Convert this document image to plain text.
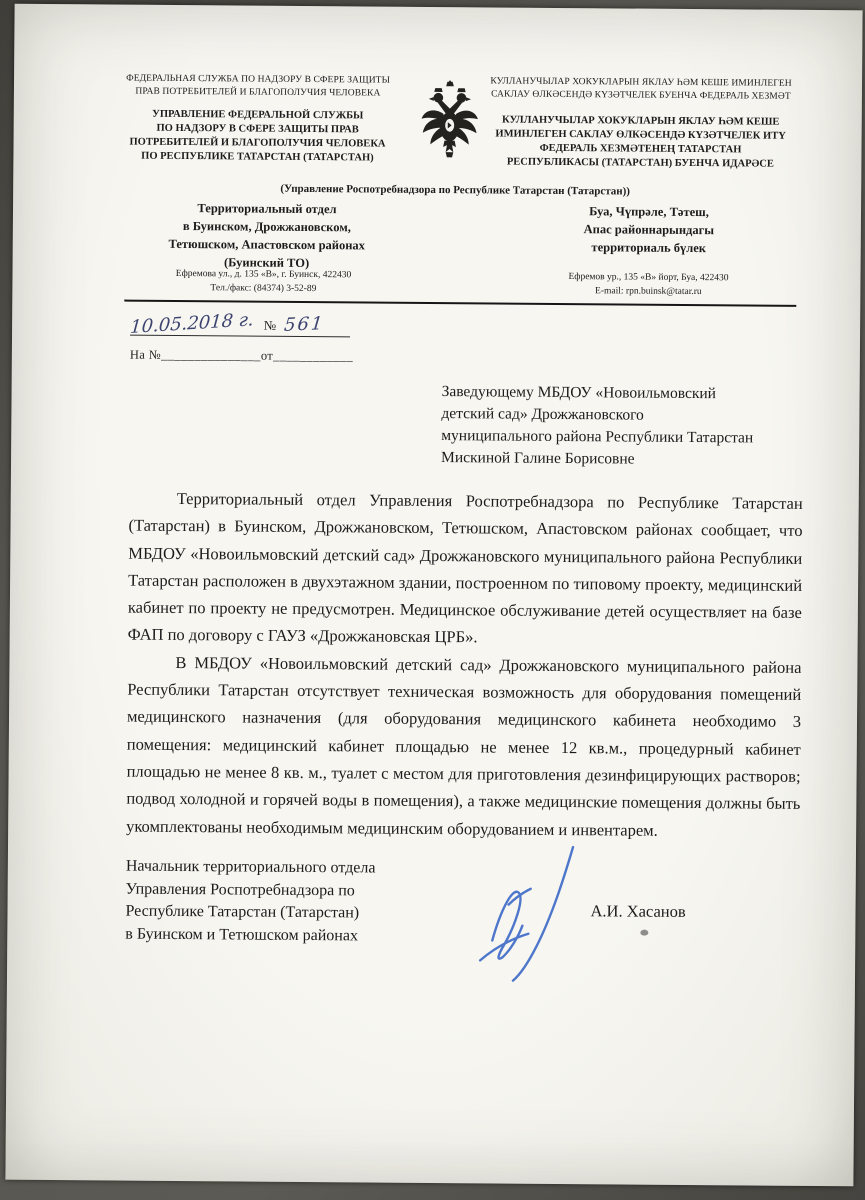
ФЕДЕРАЛЬНАЯ СЛУЖБА ПО НАДЗОРУ В СФЕРЕ ЗАЩИТЫ
ПРАВ ПОТРЕБИТЕЛЕЙ И БЛАГОПОЛУЧИЯ ЧЕЛОВЕКА
УПРАВЛЕНИЕ ФЕДЕРАЛЬНОЙ СЛУЖБЫ
ПО НАДЗОРУ В СФЕРЕ ЗАЩИТЫ ПРАВ
ПОТРЕБИТЕЛЕЙ И БЛАГОПОЛУЧИЯ ЧЕЛОВЕКА
ПО РЕСПУБЛИКЕ ТАТАРСТАН (ТАТАРСТАН)
КУЛЛАНУЧЫЛАР ХОКУКЛАРЫН ЯКЛАУ ҺӘМ КЕШЕ ИМИНЛЕГЕН
САКЛАУ ӨЛКӘСЕНДӘ КҮЗӘТЧЕЛЕК БУЕНЧА ФЕДЕРАЛЬ ХЕЗМӘТ
КУЛЛАНУЧЫЛАР ХОКУКЛАРЫН ЯКЛАУ ҺӘМ КЕШЕ
ИМИНЛЕГЕН САКЛАУ ӨЛКӘСЕНДӘ КҮЗӘТЧЕЛЕК ИТҮ
ФЕДЕРАЛЬ ХЕЗМӘТЕНЕҢ ТАТАРСТАН
РЕСПУБЛИКАСЫ (ТАТАРСТАН) БУЕНЧА ИДАРӘСЕ
(Управление Роспотребнадзора по Республике Татарстан (Татарстан))
Территориальный отдел
в Буинском, Дрожжановском,
Тетюшском, Апастовском районах
(Буинский ТО)
Буа, Чүпрәле, Тәтеш,
Апас районнарындагы
территориаль бүлек
Ефремова ул., д. 135 «В», г. Буинск, 422430
Тел./факс: (84374) 3-52-89
Ефремов ур., 135 «В» йорт, Буа, 422430
E-mail: rpn.buinsk@tatar.ru
10.05.2018 г. № 561
На №_______________от____________
Заведующему МБДОУ «Новоильмовский
детский сад» Дрожжановского
муниципального района Республики Татарстан
Мискиной Галине Борисовне

Территориальный отдел Управления Роспотребнадзора по Республике Татарстан (Татарстан) в Буинском, Дрожжановском, Тетюшском, Апастовском районах сообщает, что МБДОУ «Новоильмовский детский сад» Дрожжановского муниципального района Республики Татарстан расположен в двухэтажном здании, построенном по типовому проекту, медицинский кабинет по проекту не предусмотрен. Медицинское обслуживание детей осуществляет на базе ФАП по договору с ГАУЗ «Дрожжановская ЦРБ».

В МБДОУ «Новоильмовский детский сад» Дрожжановского муниципального района Республики Татарстан отсутствует техническая возможность для оборудования помещений медицинского назначения (для оборудования медицинского кабинета необходимо 3 помещения: медицинский кабинет площадью не менее 12 кв.м., процедурный кабинет площадью не менее 8 кв. м., туалет с местом для приготовления дезинфицирующих растворов; подвод холодной и горячей воды в помещения), а также медицинские помещения должны быть укомплектованы необходимым медицинским оборудованием и инвентарем.

Начальник территориального отдела
Управления Роспотребнадзора по
Республике Татарстан (Татарстан)
в Буинском и Тетюшском районах
А.И. Хасанов
